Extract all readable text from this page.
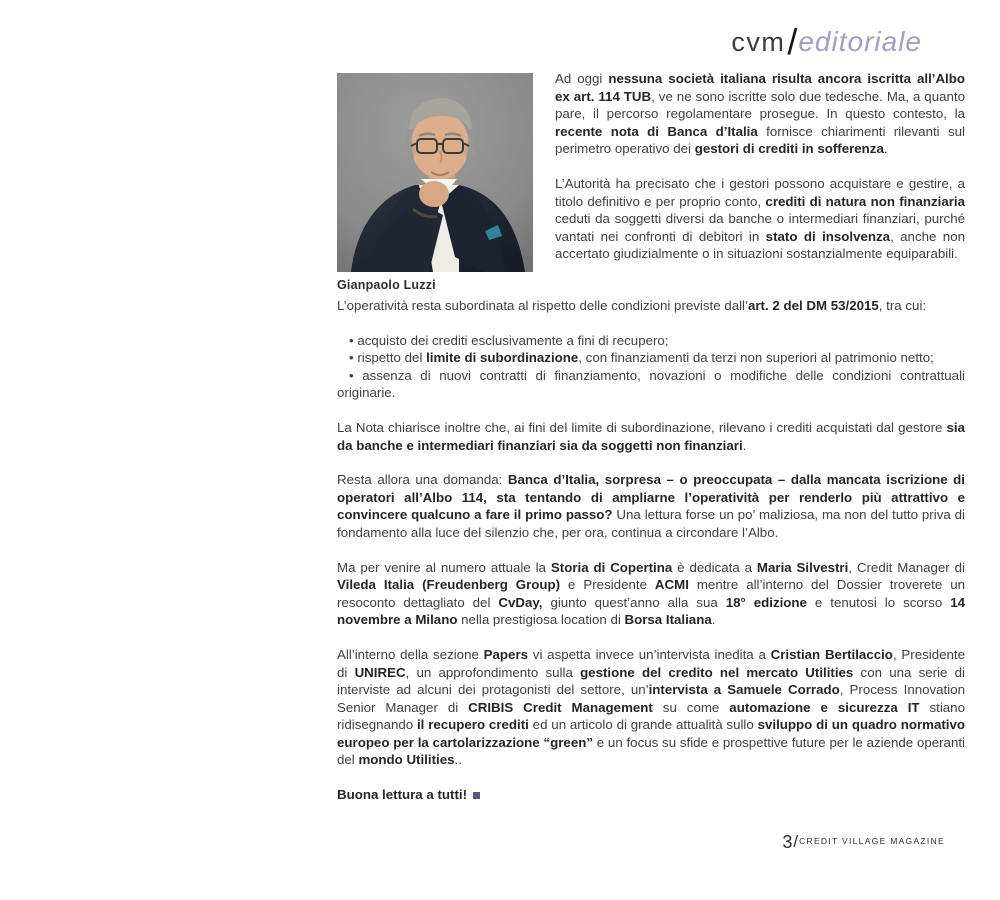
cvm / editoriale
Gianpaolo Luzzi

Ad oggi nessuna società italiana risulta ancora iscritta all’Albo ex art. 114 TUB, ve ne sono iscritte solo due tedesche. Ma, a quanto pare, il percorso regolamentare prosegue. In questo contesto, la recente nota di Banca d’Italia fornisce chiarimenti rilevanti sul perimetro operativo dei gestori di crediti in sofferenza.

L’Autorità ha precisato che i gestori possono acquistare e gestire, a titolo definitivo e per proprio conto, crediti di natura non finanziaria ceduti da soggetti diversi da banche o intermediari finanziari, purché vantati nei confronti di debitori in stato di insolvenza, anche non accertato giudizialmente o in situazioni sostanzialmente equiparabili.

L’operatività resta subordinata al rispetto delle condizioni previste dall’art. 2 del DM 53/2015, tra cui:

• acquisto dei crediti esclusivamente a fini di recupero;

• rispetto del limite di subordinazione, con finanziamenti da terzi non superiori al patrimonio netto;

• assenza di nuovi contratti di finanziamento, novazioni o modifiche delle condizioni contrattuali originarie.

La Nota chiarisce inoltre che, ai fini del limite di subordinazione, rilevano i crediti acquistati dal gestore sia da banche e intermediari finanziari sia da soggetti non finanziari.

Resta allora una domanda: Banca d’Italia, sorpresa – o preoccupata – dalla mancata iscrizione di operatori all’Albo 114, sta tentando di ampliarne l’operatività per renderlo più attrattivo e convincere qualcuno a fare il primo passo? Una lettura forse un po’ maliziosa, ma non del tutto priva di fondamento alla luce del silenzio che, per ora, continua a circondare l’Albo.

Ma per venire al numero attuale la Storia di Copertina è dedicata a Maria Silvestri, Credit Manager di Vileda Italia (Freudenberg Group) e Presidente ACMI mentre all’interno del Dossier troverete un resoconto dettagliato del CvDay, giunto quest’anno alla sua 18° edizione e tenutosi lo scorso 14 novembre a Milano nella prestigiosa location di Borsa Italiana.

All’interno della sezione Papers vi aspetta invece un’intervista inedita a Cristian Bertilaccio, Presidente di UNIREC, un approfondimento sulla gestione del credito nel mercato Utilities con una serie di interviste ad alcuni dei protagonisti del settore, un’intervista a Samuele Corrado, Process Innovation Senior Manager di CRIBIS Credit Management su come automazione e sicurezza IT stiano ridisegnando il recupero crediti ed un articolo di grande attualità sullo sviluppo di un quadro normativo europeo per la cartolarizzazione “green” e un focus su sfide e prospettive future per le aziende operanti del mondo Utilities..

Buona lettura a tutti!

3 / CREDIT VILLAGE MAGAZINE
